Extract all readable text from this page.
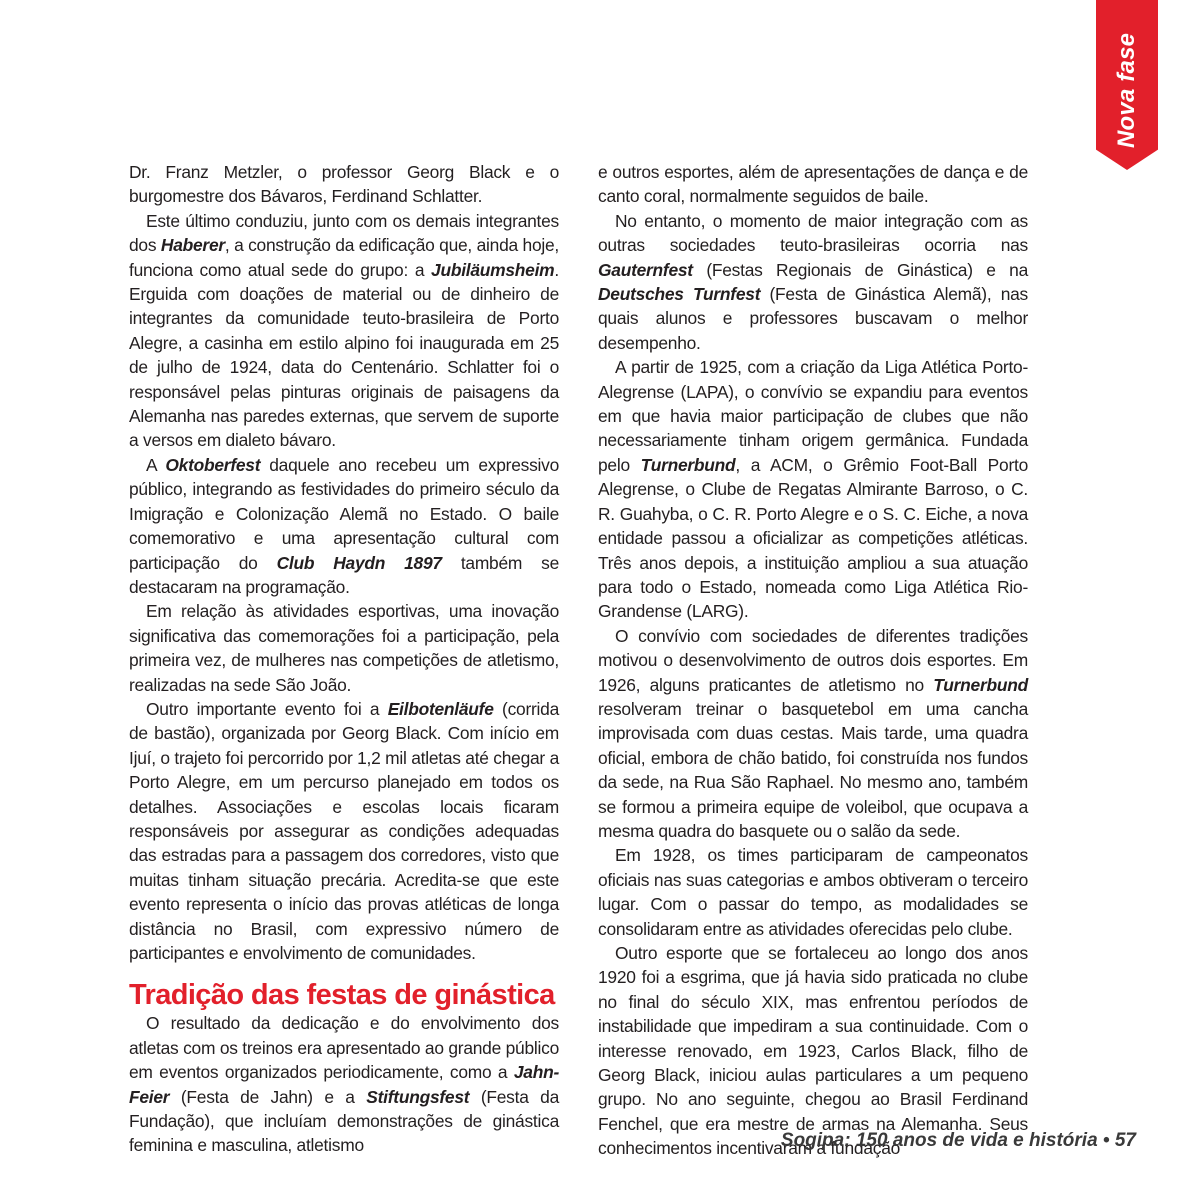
Nova fase

Dr. Franz Metzler, o professor Georg Black e o burgomestre dos Bávaros, Ferdinand Schlatter.

Este último conduziu, junto com os demais integrantes dos Haberer, a construção da edificação que, ainda hoje, funciona como atual sede do grupo: a Jubiläumsheim. Erguida com doações de material ou de dinheiro de integrantes da comunidade teuto-brasileira de Porto Alegre, a casinha em estilo alpino foi inaugurada em 25 de julho de 1924, data do Centenário. Schlatter foi o responsável pelas pinturas originais de paisagens da Alemanha nas paredes externas, que servem de suporte a versos em dialeto bávaro.

A Oktoberfest daquele ano recebeu um expressivo público, integrando as festividades do primeiro século da Imigração e Colonização Alemã no Estado. O baile comemorativo e uma apresentação cultural com participação do Club Haydn 1897 também se destacaram na programação.

Em relação às atividades esportivas, uma inovação significativa das comemorações foi a participação, pela primeira vez, de mulheres nas competições de atletismo, realizadas na sede São João.

Outro importante evento foi a Eilbotenläufe (corrida de bastão), organizada por Georg Black. Com início em Ijuí, o trajeto foi percorrido por 1,2 mil atletas até chegar a Porto Alegre, em um percurso planejado em todos os detalhes. Associações e escolas locais ficaram responsáveis por assegurar as condições adequadas das estradas para a passagem dos corredores, visto que muitas tinham situação precária. Acredita-se que este evento representa o início das provas atléticas de longa distância no Brasil, com expressivo número de participantes e envolvimento de comunidades.

Tradição das festas de ginástica

O resultado da dedicação e do envolvimento dos atletas com os treinos era apresentado ao grande público em eventos organizados periodicamente, como a Jahn-Feier (Festa de Jahn) e a Stiftungsfest (Festa da Fundação), que incluíam demonstrações de ginástica feminina e masculina, atletismo

e outros esportes, além de apresentações de dança e de canto coral, normalmente seguidos de baile.

No entanto, o momento de maior integração com as outras sociedades teuto-brasileiras ocorria nas Gauternfest (Festas Regionais de Ginástica) e na Deutsches Turnfest (Festa de Ginástica Alemã), nas quais alunos e professores buscavam o melhor desempenho.

A partir de 1925, com a criação da Liga Atlética Porto-Alegrense (LAPA), o convívio se expandiu para eventos em que havia maior participação de clubes que não necessariamente tinham origem germânica. Fundada pelo Turnerbund, a ACM, o Grêmio Foot-Ball Porto Alegrense, o Clube de Regatas Almirante Barroso, o C. R. Guahyba, o C. R. Porto Alegre e o S. C. Eiche, a nova entidade passou a oficializar as competições atléticas. Três anos depois, a instituição ampliou a sua atuação para todo o Estado, nomeada como Liga Atlética Rio-Grandense (LARG).

O convívio com sociedades de diferentes tradições motivou o desenvolvimento de outros dois esportes. Em 1926, alguns praticantes de atletismo no Turnerbund resolveram treinar o basquetebol em uma cancha improvisada com duas cestas. Mais tarde, uma quadra oficial, embora de chão batido, foi construída nos fundos da sede, na Rua São Raphael. No mesmo ano, também se formou a primeira equipe de voleibol, que ocupava a mesma quadra do basquete ou o salão da sede.

Em 1928, os times participaram de campeonatos oficiais nas suas categorias e ambos obtiveram o terceiro lugar. Com o passar do tempo, as modalidades se consolidaram entre as atividades oferecidas pelo clube.

Outro esporte que se fortaleceu ao longo dos anos 1920 foi a esgrima, que já havia sido praticada no clube no final do século XIX, mas enfrentou períodos de instabilidade que impediram a sua continuidade. Com o interesse renovado, em 1923, Carlos Black, filho de Georg Black, iniciou aulas particulares a um pequeno grupo. No ano seguinte, chegou ao Brasil Ferdinand Fenchel, que era mestre de armas na Alemanha. Seus conhecimentos incentivaram a fundação

Sogipa: 150 anos de vida e história • 57
